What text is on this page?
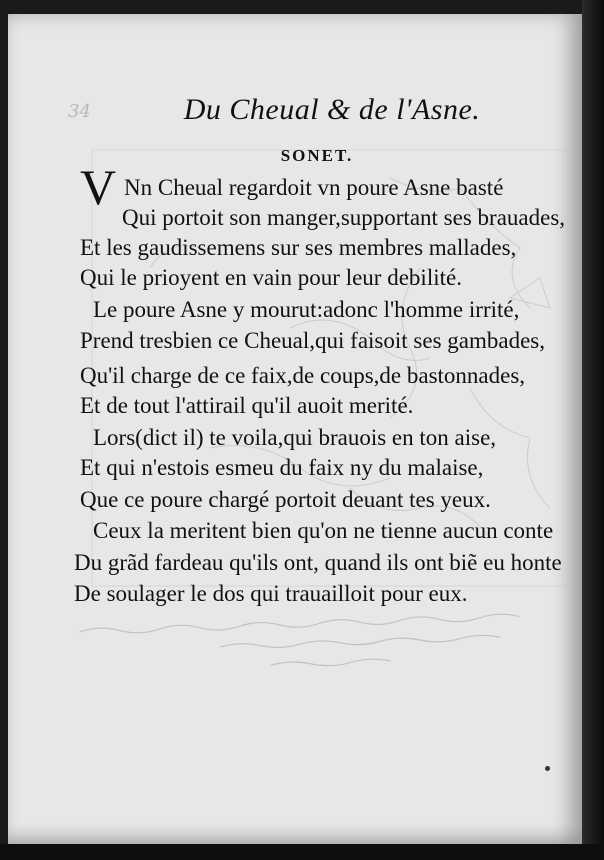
34	Du Cheual & de l'Asne.
SONET.
V Nn Cheual regardoit vn poure Asne basté
Qui portoit son manger,supportant ses brauades,
Et les gaudissemens sur ses membres mallades,
Qui le prioyent en vain pour leur debilité.
Le poure Asne y mourut:adonc l'homme irrité,
Prend tresbien ce Cheual,qui faisoit ses gambades,
Qu'il charge de ce faix,de coups,de bastonnades,
Et de tout l'attirail qu'il auoit merité.
Lors(dict il) te voila,qui brauois en ton aise,
Et qui n'estois esmeu du faix ny du malaise,
Que ce poure chargé portoit deuant tes yeux.
Ceux la meritent bien qu'on ne tienne aucun conte
Du grãd fardeau qu'ils ont, quand ils ont biẽ eu honte
De soulager le dos qui trauailloit pour eux.
